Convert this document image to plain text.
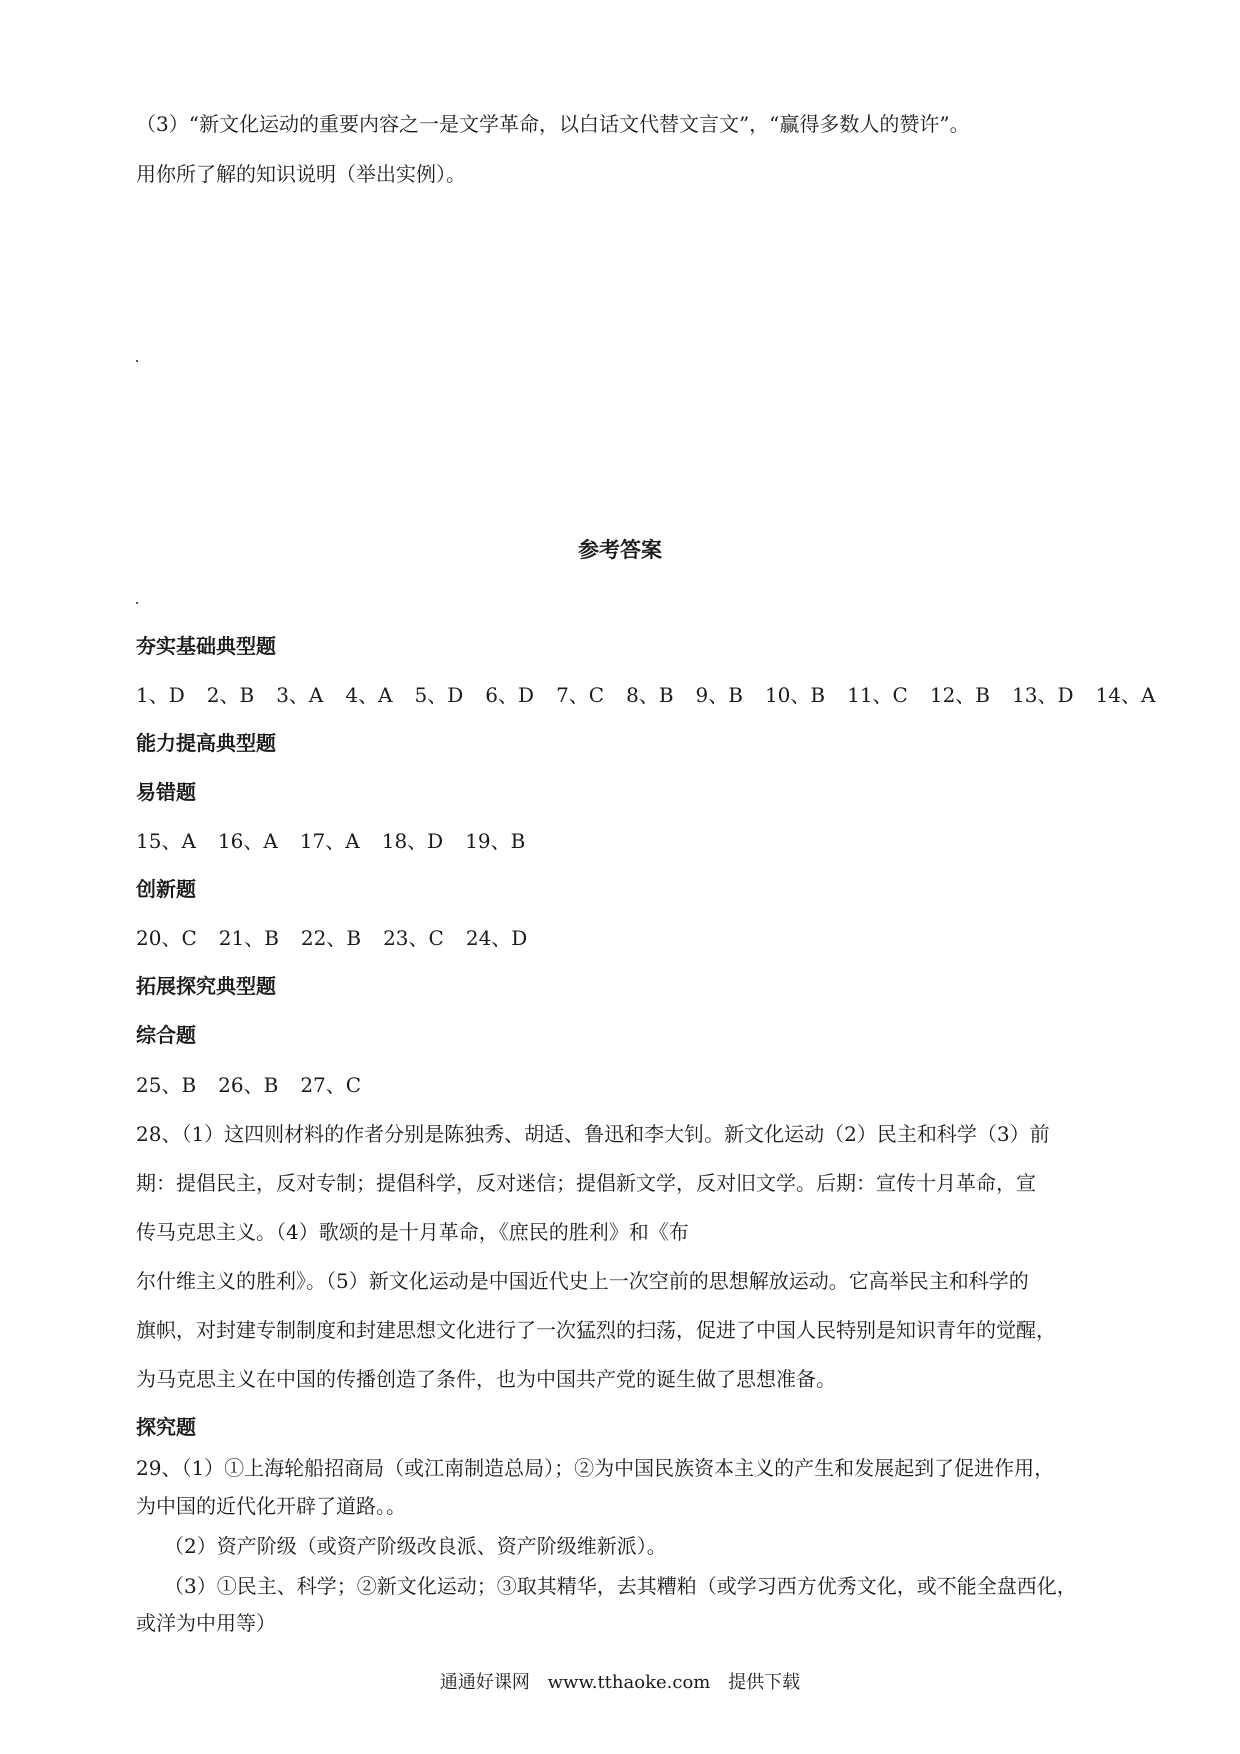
（3）“新文化运动的重要内容之一是文学革命，以白话文代替文言文”，“赢得多数人的赞许”。
用你所了解的知识说明（举出实例）。
参考答案
夯实基础典型题
1、D 2、B 3、A 4、A 5、D 6、D 7、C 8、B 9、B 10、B 11、C 12、B 13、D 14、A
能力提高典型题
易错题
15、A 16、A 17、A 18、D 19、B
创新题
20、C 21、B 22、B 23、C 24、D
拓展探究典型题
综合题
25、B 26、B 27、C
28、（1）这四则材料的作者分别是陈独秀、胡适、鲁迅和李大钊。新文化运动（2）民主和科学（3）前
期：提倡民主，反对专制；提倡科学，反对迷信；提倡新文学，反对旧文学。后期：宣传十月革命，宣
传马克思主义。（4）歌颂的是十月革命，《庶民的胜利》和《布
尔什维主义的胜利》。（5）新文化运动是中国近代史上一次空前的思想解放运动。它高举民主和科学的
旗帜，对封建专制制度和封建思想文化进行了一次猛烈的扫荡，促进了中国人民特别是知识青年的觉醒，
为马克思主义在中国的传播创造了条件，也为中国共产党的诞生做了思想准备。
探究题
29、（1）①上海轮船招商局（或江南制造总局）；②为中国民族资本主义的产生和发展起到了促进作用，
为中国的近代化开辟了道路。。
（2）资产阶级（或资产阶级改良派、资产阶级维新派）。
（3）①民主、科学；②新文化运动；③取其精华，去其糟粕（或学习西方优秀文化，或不能全盘西化，
或洋为中用等）
通通好课网 www.tthaoke.com 提供下载
